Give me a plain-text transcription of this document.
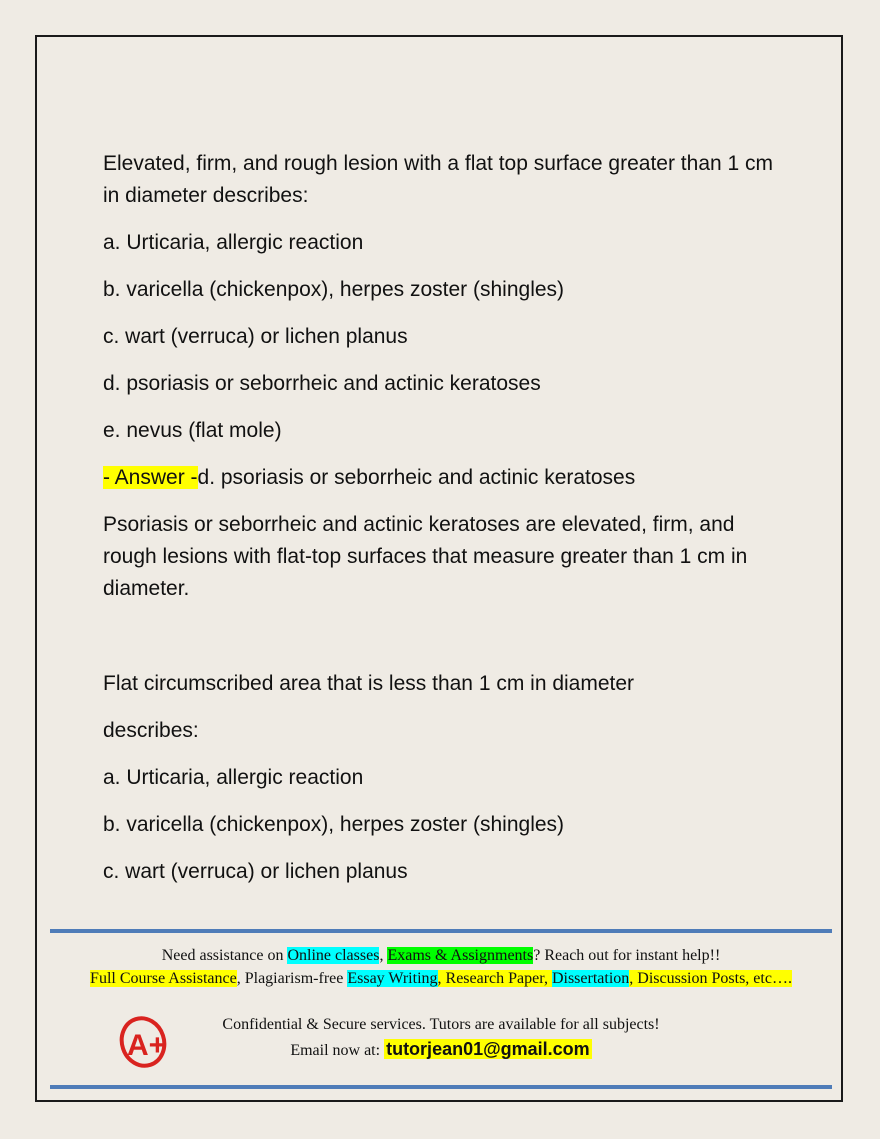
Elevated, firm, and rough lesion with a flat top surface greater than 1 cm in diameter describes:

a. Urticaria, allergic reaction

b. varicella (chickenpox), herpes zoster (shingles)

c. wart (verruca) or lichen planus

d. psoriasis or seborrheic and actinic keratoses

e. nevus (flat mole)

- Answer -d. psoriasis or seborrheic and actinic keratoses

Psoriasis or seborrheic and actinic keratoses are elevated, firm, and rough lesions with flat-top surfaces that measure greater than 1 cm in diameter.

Flat circumscribed area that is less than 1 cm in diameter

describes:

a. Urticaria, allergic reaction

b. varicella (chickenpox), herpes zoster (shingles)

c. wart (verruca) or lichen planus

Need assistance on Online classes, Exams & Assignments? Reach out for instant help!!
Full Course Assistance, Plagiarism-free Essay Writing, Research Paper, Dissertation, Discussion Posts, etc….
A+
Confidential & Secure services. Tutors are available for all subjects!
Email now at: tutorjean01@gmail.com
